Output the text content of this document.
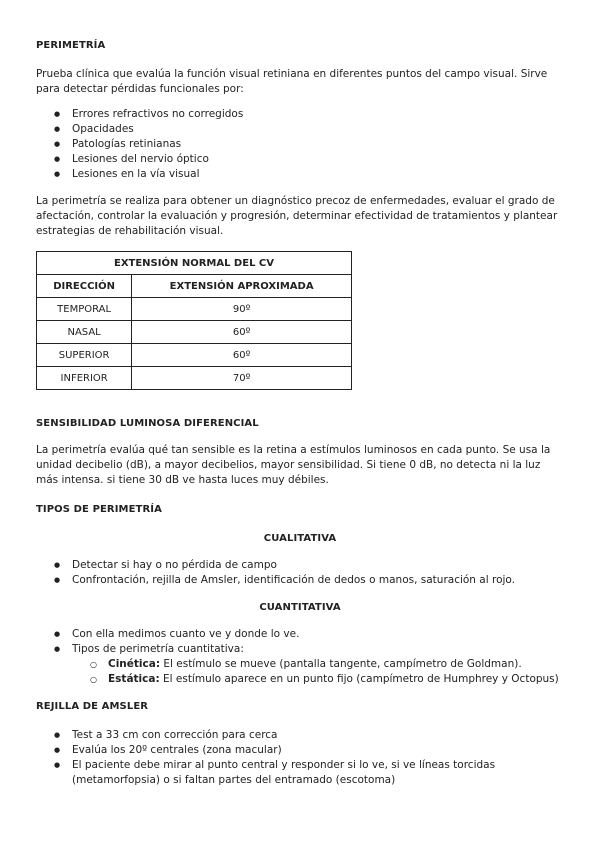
PERIMETRÍA

Prueba clínica que evalúa la función visual retiniana en diferentes puntos del campo visual. Sirve para detectar pérdidas funcionales por:

● Errores refractivos no corregidos
● Opacidades
● Patologías retinianas
● Lesiones del nervio óptico
● Lesiones en la vía visual

La perimetría se realiza para obtener un diagnóstico precoz de enfermedades, evaluar el grado de afectación, controlar la evaluación y progresión, determinar efectividad de tratamientos y plantear estrategias de rehabilitación visual.

EXTENSIÓN NORMAL DEL CV	
DIRECCIÓN	EXTENSIÓN APROXIMADA
TEMPORAL	90º
NASAL	60º
SUPERIOR	60º
INFERIOR	70º

SENSIBILIDAD LUMINOSA DIFERENCIAL

La perimetría evalúa qué tan sensible es la retina a estímulos luminosos en cada punto. Se usa la unidad decibelio (dB), a mayor decibelios, mayor sensibilidad. Si tiene 0 dB, no detecta ni la luz más intensa. si tiene 30 dB ve hasta luces muy débiles.

TIPOS DE PERIMETRÍA

CUALITATIVA

● Detectar si hay o no pérdida de campo
● Confrontación, rejilla de Amsler, identificación de dedos o manos, saturación al rojo.

CUANTITATIVA

● Con ella medimos cuanto ve y donde lo ve.
● Tipos de perimetría cuantitativa:
○ Cinética: El estímulo se mueve (pantalla tangente, campímetro de Goldman).
○ Estática: El estímulo aparece en un punto fijo (campímetro de Humphrey y Octopus)

REJILLA DE AMSLER

● Test a 33 cm con corrección para cerca
● Evalúa los 20º centrales (zona macular)
● El paciente debe mirar al punto central y responder si lo ve, si ve líneas torcidas (metamorfopsia) o si faltan partes del entramado (escotoma)
